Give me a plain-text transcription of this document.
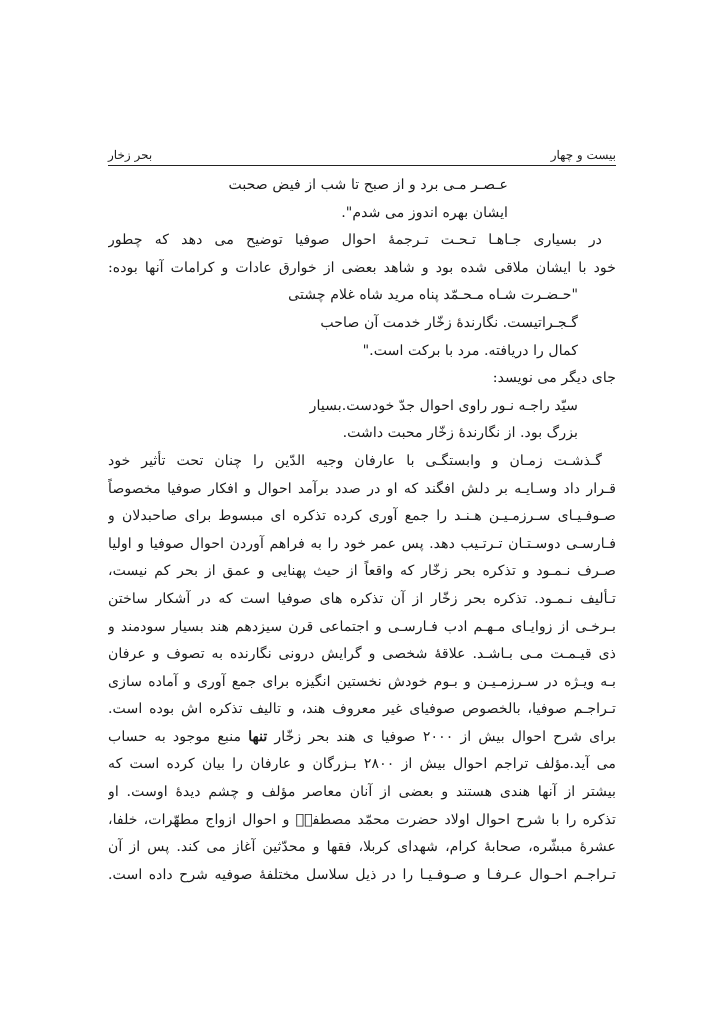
بیست و چهار
بحر زخار
عـصـر مـی برد و از صبح تا شب از فیض صحبت
ایشان بهره اندوز می شدم".
در بسیاری جـاهـا تـحـت تـرجمهٔ احوال صوفیا توضیح می دهد که چطور
خود با ایشان ملاقی شده بود و شاهد بعضی از خوارق عادات و کرامات آنها بوده:
"حـضـرت شـاه مـحـمّد پناه مرید شاه غلام چشتی
گـجـراتیست. نگارندهٔ زخّار خدمت آن صاحب
کمال را دریافته. مرد با برکت است."
جای دیگر می نویسد:
سیّد راجـه نـور راوی احوال جدّ خودست.بسیار
بزرگ بود. از نگارندهٔ زخّار محبت داشت.
گـذشـت زمـان و وابستگـی با عارفان وجیه الدّین را چنان تحت تأثیر خود
قـرار داد وسـایـه بر دلش افگند که او در صدد برآمد احوال و افکار صوفیا مخصوصاً
صـوفـیـای سـرزمـیـن هـنـد را جمع آوری کرده تذکره ای مبسوط برای صاحبدلان و
فـارسـی دوسـتـان تـرتـیب دهد. پس عمر خود را به فراهم آوردن احوال صوفیا و اولیا
صـرف نـمـود و تذکره بحر زخّار که واقعاً از حیث پهنایی و عمق از بحر کم نیست،
تـألیف نـمـود. تذکره بحر زخّار از آن تذکره های صوفیا است که در آشکار ساختن
بـرخـی از زوایـای مـهـم ادب فـارسـی و اجتماعی قرن سیزدهم هند بسیار سودمند و
ذی قیـمـت مـی بـاشـد. علاقهٔ شخصی و گرایش درونی نگارنده به تصوف و عرفان
بـه ویـژه در سـرزمـیـن و بـوم خودش نخستین انگیزه برای جمع آوری و آماده سازی
تـراجـم صوفیا، بالخصوص صوفیای غیر معروف هند، و تالیف تذکره اش بوده است.
برای شرح احوال بیش از ۲۰۰۰ صوفیا ی هند بحر زخّار تنها منبع موجود به حساب
می آید.مؤلف تراجم احوال بیش از ۲۸۰۰ بـزرگان و عارفان را بیان کرده است که
بیشتر از آنها هندی هستند و بعضی از آنان معاصر مؤلف و چشم دیدهٔ اوست. او
تذکره را با شرح احوال اولاد حضرت محمّد مصطفیؐ و احوال ازواج مطهّرات، خلفا،
عشرهٔ مبشّره، صحابهٔ کرام، شهدای کربلا، فقها و محدّثین آغاز می کند. پس از آن
تـراجـم احـوال عـرفـا و صـوفـیـا را در ذیل سلاسل مختلفهٔ صوفیه شرح داده است.
